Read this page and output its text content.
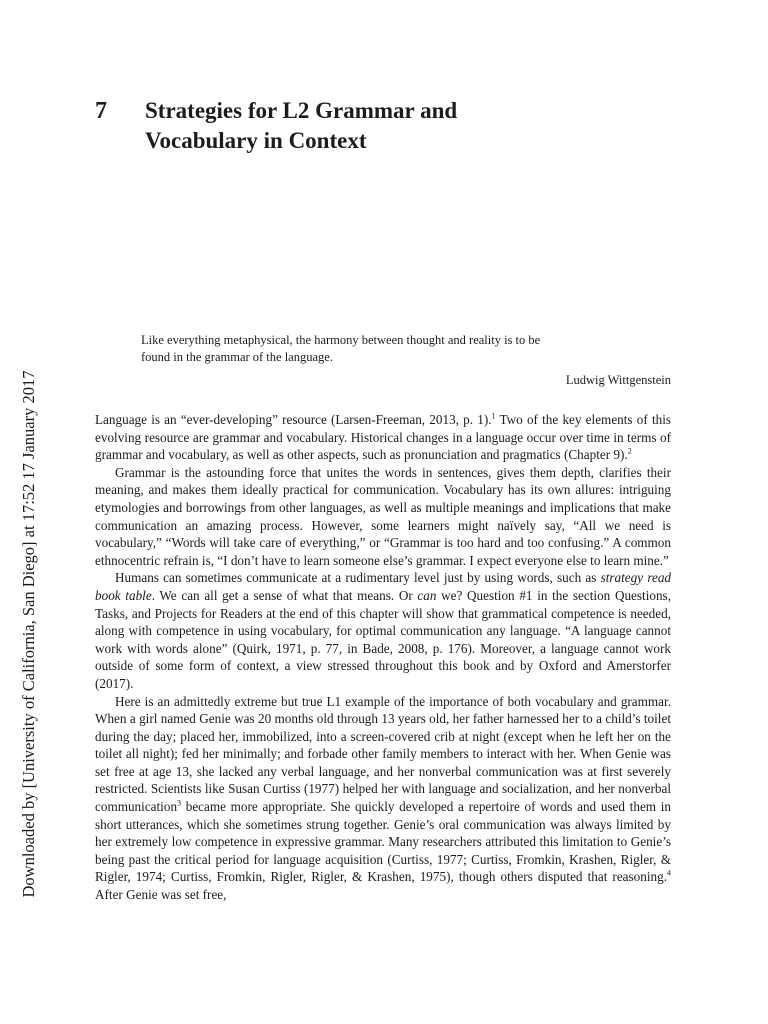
Downloaded by [University of California, San Diego] at 17:52 17 January 2017
7 Strategies for L2 Grammar and Vocabulary in Context

Like everything metaphysical, the harmony between thought and reality is to be found in the grammar of the language.

Ludwig Wittgenstein

Language is an “ever-developing” resource (Larsen-Freeman, 2013, p. 1).$^1$ Two of the key elements of this evolving resource are grammar and vocabulary. Historical changes in a language occur over time in terms of grammar and vocabulary, as well as other aspects, such as pronunciation and pragmatics (Chapter 9).$^2$

Grammar is the astounding force that unites the words in sentences, gives them depth, clarifies their meaning, and makes them ideally practical for communication. Vocabulary has its own allures: intriguing etymologies and borrowings from other languages, as well as multiple meanings and implications that make communication an amazing process. However, some learners might naïvely say, “All we need is vocabulary,” “Words will take care of everything,” or “Grammar is too hard and too confusing.” A common ethnocentric refrain is, “I don’t have to learn someone else’s grammar. I expect everyone else to learn mine.”

Humans can sometimes communicate at a rudimentary level just by using words, such as strategy read book table. We can all get a sense of what that means. Or can we? Question #1 in the section Questions, Tasks, and Projects for Readers at the end of this chapter will show that grammatical competence is needed, along with competence in using vocabulary, for optimal communication any language. “A language cannot work with words alone” (Quirk, 1971, p. 77, in Bade, 2008, p. 176). Moreover, a language cannot work outside of some form of context, a view stressed throughout this book and by Oxford and Amerstorfer (2017).

Here is an admittedly extreme but true L1 example of the importance of both vocabulary and grammar. When a girl named Genie was 20 months old through 13 years old, her father harnessed her to a child’s toilet during the day; placed her, immobilized, into a screen-covered crib at night (except when he left her on the toilet all night); fed her minimally; and forbade other family members to interact with her. When Genie was set free at age 13, she lacked any verbal language, and her nonverbal communication was at first severely restricted. Scientists like Susan Curtiss (1977) helped her with language and socialization, and her nonverbal communication$^3$ became more appropriate. She quickly developed a repertoire of words and used them in short utterances, which she sometimes strung together. Genie’s oral communication was always limited by her extremely low competence in expressive grammar. Many researchers attributed this limitation to Genie’s being past the critical period for language acquisition (Curtiss, 1977; Curtiss, Fromkin, Krashen, Rigler, & Rigler, 1974; Curtiss, Fromkin, Rigler, Rigler, & Krashen, 1975), though others disputed that reasoning.$^4$ After Genie was set free,
